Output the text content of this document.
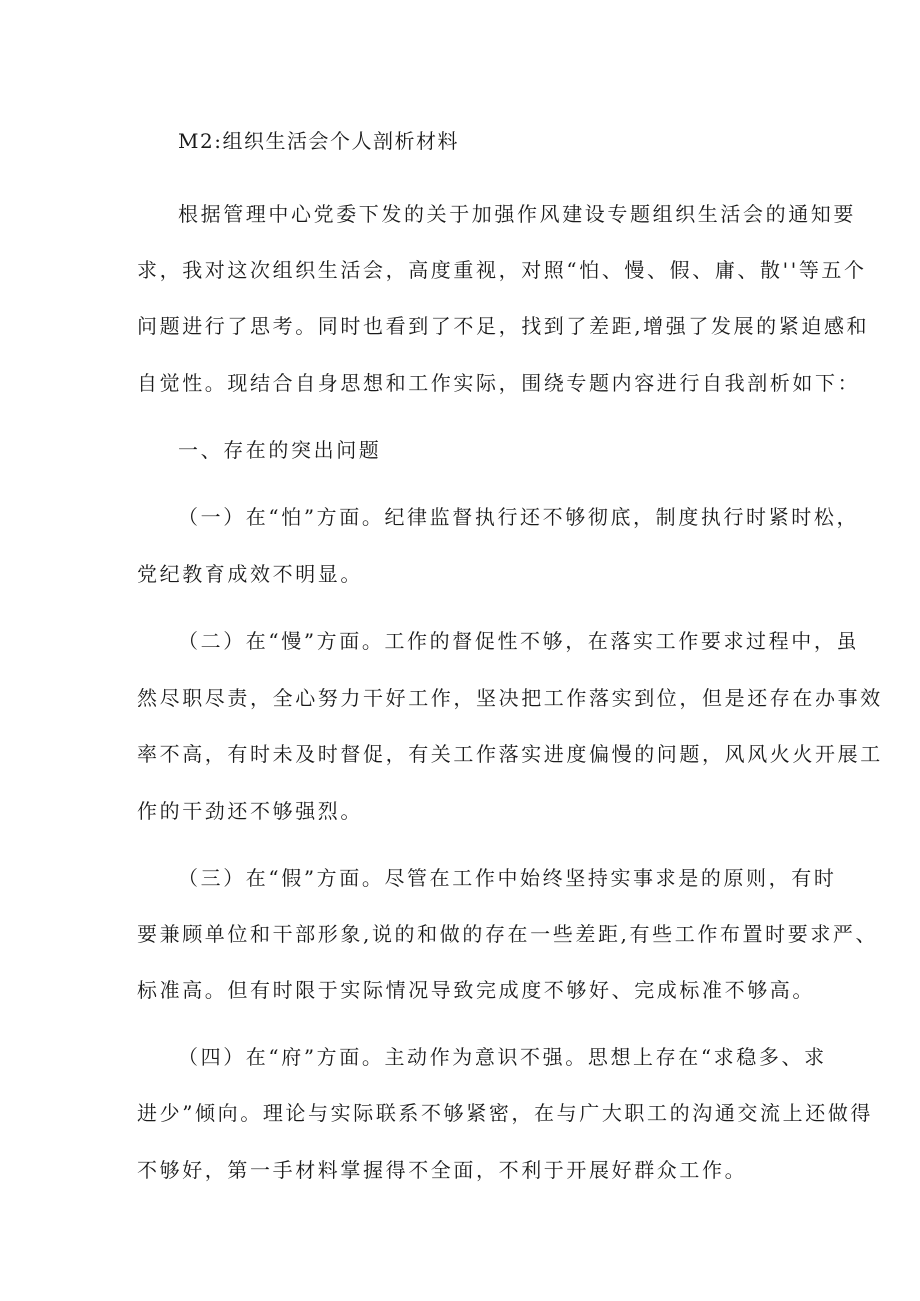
M2:组织生活会个人剖析材料

根据管理中心党委下发的关于加强作风建设专题组织生活会的通知要

求，我对这次组织生活会，高度重视，对照“怕、慢、假、庸、散''等五个

问题进行了思考。同时也看到了不足，找到了差距,增强了发展的紧迫感和

自觉性。现结合自身思想和工作实际，围绕专题内容进行自我剖析如下：

一、存在的突出问题

（一）在“怕”方面。纪律监督执行还不够彻底，制度执行时紧时松，

党纪教育成效不明显。

（二）在“慢”方面。工作的督促性不够，在落实工作要求过程中，虽

然尽职尽责，全心努力干好工作，坚决把工作落实到位，但是还存在办事效

率不高，有时未及时督促，有关工作落实进度偏慢的问题，风风火火开展工

作的干劲还不够强烈。

（三）在“假”方面。尽管在工作中始终坚持实事求是的原则，有时

要兼顾单位和干部形象,说的和做的存在一些差距,有些工作布置时要求严、

标准高。但有时限于实际情况导致完成度不够好、完成标准不够高。

（四）在“府”方面。主动作为意识不强。思想上存在“求稳多、求

进少”倾向。理论与实际联系不够紧密，在与广大职工的沟通交流上还做得

不够好，第一手材料掌握得不全面，不利于开展好群众工作。
